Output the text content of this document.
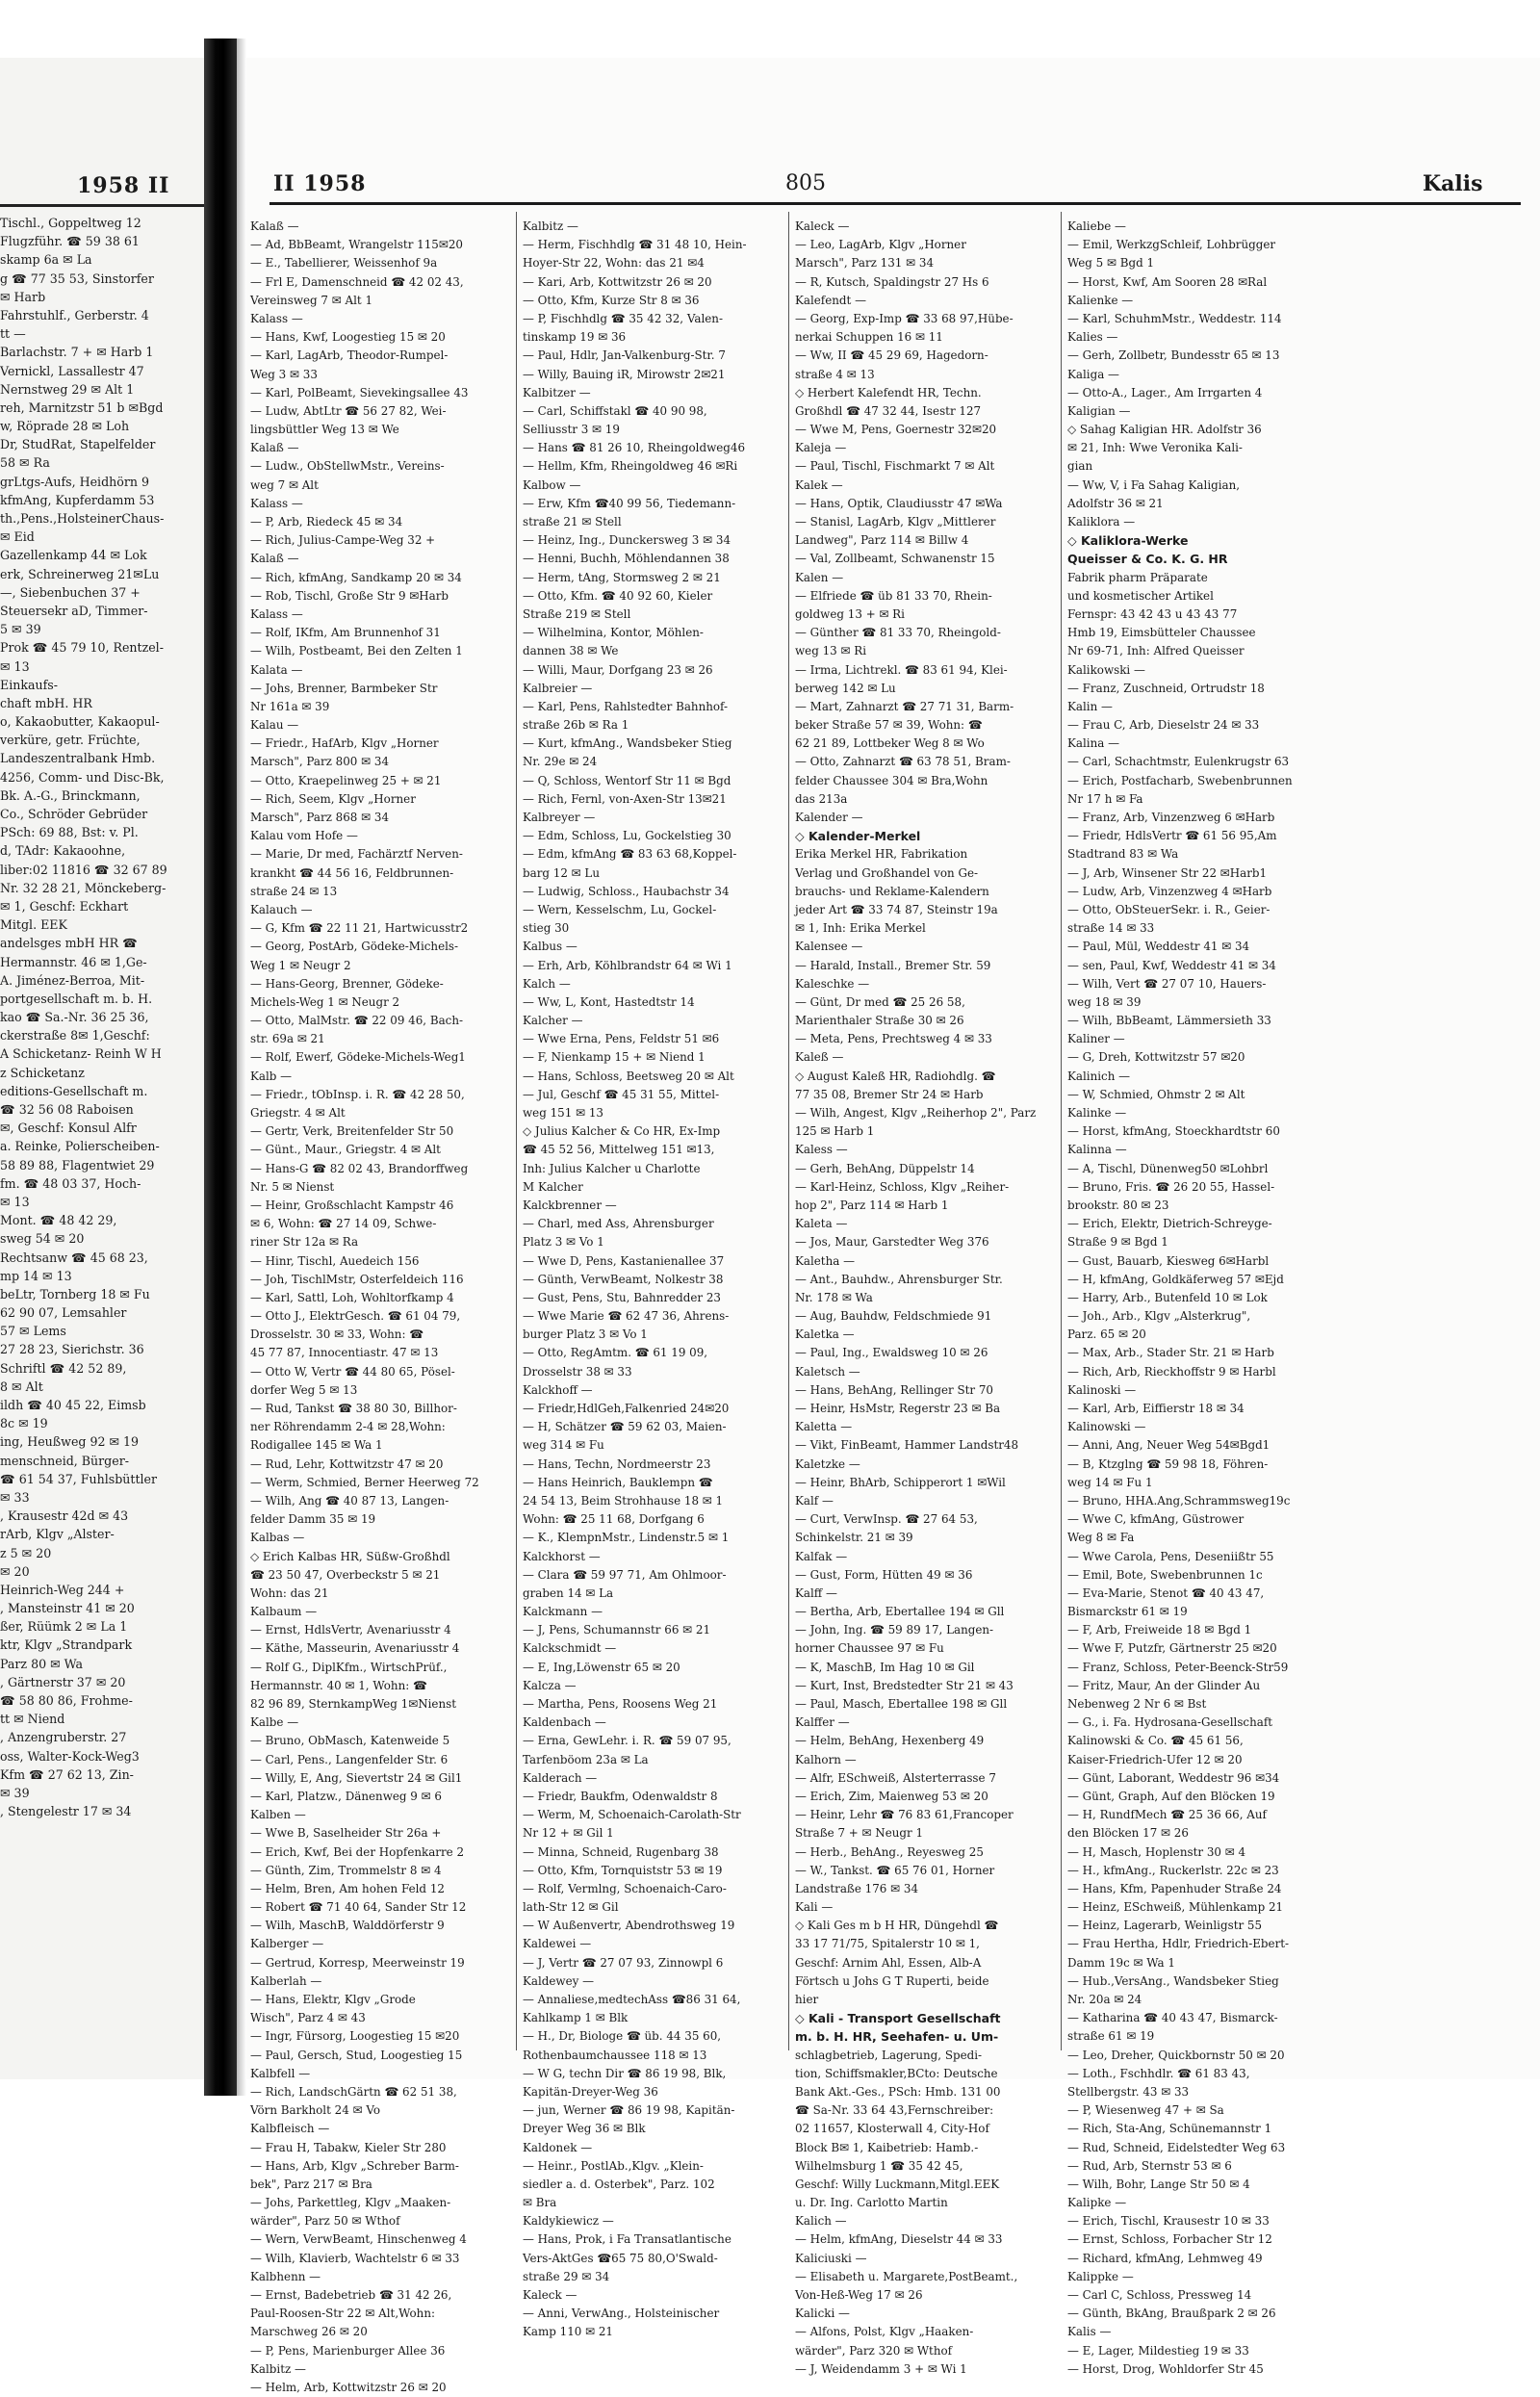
1958 II
Tischl., Goppeltweg 12
Flugzführ. ☎ 59 38 61
skamp 6a ✉ La
g ☎ 77 35 53, Sinstorfer
✉ Harb
Fahrstuhlf., Gerberstr. 4
tt —
Barlachstr. 7 + ✉ Harb 1
Vernickl, Lassallestr 47
Nernstweg 29 ✉ Alt 1
reh, Marnitzstr 51 b ✉Bgd
w, Röprade 28 ✉ Loh
Dr, StudRat, Stapelfelder
58 ✉ Ra
grLtgs-Aufs, Heidhörn 9
kfmAng, Kupferdamm 53
th.,Pens.,HolsteinerChaus-
✉ Eid
Gazellenkamp 44 ✉ Lok
erk, Schreinerweg 21✉Lu
—, Siebenbuchen 37 +
Steuersekr aD, Timmer-
5 ✉ 39
Prok ☎ 45 79 10, Rentzel-
✉ 13
Einkaufs-
chaft mbH. HR
o, Kakaobutter, Kakaopul-
verküre, getr. Früchte,
Landeszentralbank Hmb.
4256, Comm- und Disc-Bk,
Bk. A.-G., Brinckmann,
Co., Schröder Gebrüder
PSch: 69 88, Bst: v. Pl.
d, TAdr: Kakaoohne,
liber:02 11816 ☎ 32 67 89
Nr. 32 28 21, Mönckeberg-
✉ 1, Geschf: Eckhart
Mitgl. EEK
andelsges mbH HR ☎
Hermannstr. 46 ✉ 1,Ge-
A. Jiménez-Berroa, Mit-
portgesellschaft m. b. H.
kao ☎ Sa.-Nr. 36 25 36,
ckerstraße 8✉ 1,Geschf:
A Schicketanz- Reinh W H
z Schicketanz
editions-Gesellschaft m.
☎ 32 56 08 Raboisen
✉, Geschf: Konsul Alfr
a. Reinke, Polierscheiben-
58 89 88, Flagentwiet 29
fm. ☎ 48 03 37, Hoch-
✉ 13
Mont. ☎ 48 42 29,
sweg 54 ✉ 20
Rechtsanw ☎ 45 68 23,
mp 14 ✉ 13
beLtr, Tornberg 18 ✉ Fu
62 90 07, Lemsahler
57 ✉ Lems
27 28 23, Sierichstr. 36
Schriftl ☎ 42 52 89,
8 ✉ Alt
ildh ☎ 40 45 22, Eimsb
8c ✉ 19
ing, Heußweg 92 ✉ 19
menschneid, Bürger-
☎ 61 54 37, Fuhlsbüttler
✉ 33
, Krausestr 42d ✉ 43
rArb, Klgv „Alster-
z 5 ✉ 20
✉ 20
Heinrich-Weg 244 +
, Mansteinstr 41 ✉ 20
ßer, Rüümk 2 ✉ La 1
ktr, Klgv „Strandpark
Parz 80 ✉ Wa
, Gärtnerstr 37 ✉ 20
☎ 58 80 86, Frohme-
tt ✉ Niend
, Anzengruberstr. 27
oss, Walter-Kock-Weg3
Kfm ☎ 27 62 13, Zin-
✉ 39
, Stengelestr 17 ✉ 34
II 1958	805	Kalis
Kalaß —
— Ad, BbBeamt, Wrangelstr 115✉20
— E., Tabellierer, Weissenhof 9a
— Frl E, Damenschneid ☎ 42 02 43,
Vereinsweg 7 ✉ Alt 1
Kalass —
— Hans, Kwf, Loogestieg 15 ✉ 20
— Karl, LagArb, Theodor-Rumpel-
Weg 3 ✉ 33
— Karl, PolBeamt, Sievekingsallee 43
— Ludw, AbtLtr ☎ 56 27 82, Wei-
lingsbüttler Weg 13 ✉ We
Kalaß —
— Ludw., ObStellwMstr., Vereins-
weg 7 ✉ Alt
Kalass —
— P, Arb, Riedeck 45 ✉ 34
— Rich, Julius-Campe-Weg 32 +
Kalaß —
— Rich, kfmAng, Sandkamp 20 ✉ 34
— Rob, Tischl, Große Str 9 ✉Harb
Kalass —
— Rolf, IKfm, Am Brunnenhof 31
— Wilh, Postbeamt, Bei den Zelten 1
Kalata —
— Johs, Brenner, Barmbeker Str
Nr 161a ✉ 39
Kalau —
— Friedr., HafArb, Klgv „Horner
Marsch", Parz 800 ✉ 34
— Otto, Kraepelinweg 25 + ✉ 21
— Rich, Seem, Klgv „Horner
Marsch", Parz 868 ✉ 34
Kalau vom Hofe —
— Marie, Dr med, Fachärztf Nerven-
krankht ☎ 44 56 16, Feldbrunnen-
straße 24 ✉ 13
Kalauch —
— G, Kfm ☎ 22 11 21, Hartwicusstr2
— Georg, PostArb, Gödeke-Michels-
Weg 1 ✉ Neugr 2
— Hans-Georg, Brenner, Gödeke-
Michels-Weg 1 ✉ Neugr 2
— Otto, MalMstr. ☎ 22 09 46, Bach-
str. 69a ✉ 21
— Rolf, Ewerf, Gödeke-Michels-Weg1
Kalb —
— Friedr., tObInsp. i. R. ☎ 42 28 50,
Griegstr. 4 ✉ Alt
— Gertr, Verk, Breitenfelder Str 50
— Günt., Maur., Griegstr. 4 ✉ Alt
— Hans-G ☎ 82 02 43, Brandorffweg
Nr. 5 ✉ Nienst
— Heinr, Großschlacht Kampstr 46
✉ 6, Wohn: ☎ 27 14 09, Schwe-
riner Str 12a ✉ Ra
— Hinr, Tischl, Auedeich 156
— Joh, TischlMstr, Osterfeldeich 116
— Karl, Sattl, Loh, Wohltorfkamp 4
— Otto J., ElektrGesch. ☎ 61 04 79,
Drosselstr. 30 ✉ 33, Wohn: ☎
45 77 87, Innocentiastr. 47 ✉ 13
— Otto W, Vertr ☎ 44 80 65, Pösel-
dorfer Weg 5 ✉ 13
— Rud, Tankst ☎ 38 80 30, Billhor-
ner Röhrendamm 2-4 ✉ 28,Wohn:
Rodigallee 145 ✉ Wa 1
— Rud, Lehr, Kottwitzstr 47 ✉ 20
— Werm, Schmied, Berner Heerweg 72
— Wilh, Ang ☎ 40 87 13, Langen-
felder Damm 35 ✉ 19
Kalbas —
◇ Erich Kalbas HR, Süßw-Großhdl
☎ 23 50 47, Overbeckstr 5 ✉ 21
Wohn: das 21
Kalbaum —
— Ernst, HdlsVertr, Avenariusstr 4
— Käthe, Masseurin, Avenariusstr 4
— Rolf G., DiplKfm., WirtschPrüf.,
Hermannstr. 40 ✉ 1, Wohn: ☎
82 96 89, SternkampWeg 1✉Nienst
Kalbe —
— Bruno, ObMasch, Katenweide 5
— Carl, Pens., Langenfelder Str. 6
— Willy, E, Ang, Sievertstr 24 ✉ Gil1
— Karl, Platzw., Dänenweg 9 ✉ 6
Kalben —
— Wwe B, Saselheider Str 26a +
— Erich, Kwf, Bei der Hopfenkarre 2
— Günth, Zim, Trommelstr 8 ✉ 4
— Helm, Bren, Am hohen Feld 12
— Robert ☎ 71 40 64, Sander Str 12
— Wilh, MaschB, Walddörferstr 9
Kalberger —
— Gertrud, Korresp, Meerweinstr 19
Kalberlah —
— Hans, Elektr, Klgv „Grode
Wisch", Parz 4 ✉ 43
— Ingr, Fürsorg, Loogestieg 15 ✉20
— Paul, Gersch, Stud, Loogestieg 15
Kalbfell —
— Rich, LandschGärtn ☎ 62 51 38,
Vörn Barkholt 24 ✉ Vo
Kalbfleisch —
— Frau H, Tabakw, Kieler Str 280
— Hans, Arb, Klgv „Schreber Barm-
bek", Parz 217 ✉ Bra
— Johs, Parkettleg, Klgv „Maaken-
wärder", Parz 50 ✉ Wthof
— Wern, VerwBeamt, Hinschenweg 4
— Wilh, Klavierb, Wachtelstr 6 ✉ 33
Kalbhenn —
— Ernst, Badebetrieb ☎ 31 42 26,
Paul-Roosen-Str 22 ✉ Alt,Wohn:
Marschweg 26 ✉ 20
— P, Pens, Marienburger Allee 36
Kalbitz —
— Helm, Arb, Kottwitzstr 26 ✉ 20
Kalbitz —
— Herm, Fischhdlg ☎ 31 48 10, Hein-
Hoyer-Str 22, Wohn: das 21 ✉4
— Kari, Arb, Kottwitzstr 26 ✉ 20
— Otto, Kfm, Kurze Str 8 ✉ 36
— P, Fischhdlg ☎ 35 42 32, Valen-
tinskamp 19 ✉ 36
— Paul, Hdlr, Jan-Valkenburg-Str. 7
— Willy, Bauing iR, Mirowstr 2✉21
Kalbitzer —
— Carl, Schiffstakl ☎ 40 90 98,
Selliusstr 3 ✉ 19
— Hans ☎ 81 26 10, Rheingoldweg46
— Hellm, Kfm, Rheingoldweg 46 ✉Ri
Kalbow —
— Erw, Kfm ☎40 99 56, Tiedemann-
straße 21 ✉ Stell
— Heinz, Ing., Dunckersweg 3 ✉ 34
— Henni, Buchh, Möhlendannen 38
— Herm, tAng, Stormsweg 2 ✉ 21
— Otto, Kfm. ☎ 40 92 60, Kieler
Straße 219 ✉ Stell
— Wilhelmina, Kontor, Möhlen-
dannen 38 ✉ We
— Willi, Maur, Dorfgang 23 ✉ 26
Kalbreier —
— Karl, Pens, Rahlstedter Bahnhof-
straße 26b ✉ Ra 1
— Kurt, kfmAng., Wandsbeker Stieg
Nr. 29e ✉ 24
— Q, Schloss, Wentorf Str 11 ✉ Bgd
— Rich, Fernl, von-Axen-Str 13✉21
Kalbreyer —
— Edm, Schloss, Lu, Gockelstieg 30
— Edm, kfmAng ☎ 83 63 68,Koppel-
barg 12 ✉ Lu
— Ludwig, Schloss., Haubachstr 34
— Wern, Kesselschm, Lu, Gockel-
stieg 30
Kalbus —
— Erh, Arb, Köhlbrandstr 64 ✉ Wi 1
Kalch —
— Ww, L, Kont, Hastedtstr 14
Kalcher —
— Wwe Erna, Pens, Feldstr 51 ✉6
— F, Nienkamp 15 + ✉ Niend 1
— Hans, Schloss, Beetsweg 20 ✉ Alt
— Jul, Geschf ☎ 45 31 55, Mittel-
weg 151 ✉ 13
◇ Julius Kalcher & Co HR, Ex-Imp
☎ 45 52 56, Mittelweg 151 ✉13,
Inh: Julius Kalcher u Charlotte
M Kalcher
Kalckbrenner —
— Charl, med Ass, Ahrensburger
Platz 3 ✉ Vo 1
— Wwe D, Pens, Kastanienallee 37
— Günth, VerwBeamt, Nolkestr 38
— Gust, Pens, Stu, Bahnredder 23
— Wwe Marie ☎ 62 47 36, Ahrens-
burger Platz 3 ✉ Vo 1
— Otto, RegAmtm. ☎ 61 19 09,
Drosselstr 38 ✉ 33
Kalckhoff —
— Friedr,HdlGeh,Falkenried 24✉20
— H, Schätzer ☎ 59 62 03, Maien-
weg 314 ✉ Fu
— Hans, Techn, Nordmeerstr 23
— Hans Heinrich, Bauklempn ☎
24 54 13, Beim Strohhause 18 ✉ 1
Wohn: ☎ 25 11 68, Dorfgang 6
— K., KlempnMstr., Lindenstr.5 ✉ 1
Kalckhorst —
— Clara ☎ 59 97 71, Am Ohlmoor-
graben 14 ✉ La
Kalckmann —
— J, Pens, Schumannstr 66 ✉ 21
Kalckschmidt —
— E, Ing,Löwenstr 65 ✉ 20
Kalcza —
— Martha, Pens, Roosens Weg 21
Kaldenbach —
— Erna, GewLehr. i. R. ☎ 59 07 95,
Tarfenböom 23a ✉ La
Kalderach —
— Friedr, Baukfm, Odenwaldstr 8
— Werm, M, Schoenaich-Carolath-Str
Nr 12 + ✉ Gil 1
— Minna, Schneid, Rugenbarg 38
— Otto, Kfm, Tornquiststr 53 ✉ 19
— Rolf, Vermlng, Schoenaich-Caro-
lath-Str 12 ✉ Gil
— W Außenvertr, Abendrothsweg 19
Kaldewei —
— J, Vertr ☎ 27 07 93, Zinnowpl 6
Kaldewey —
— Annaliese,medtechAss ☎86 31 64,
Kahlkamp 1 ✉ Blk
— H., Dr, Biologe ☎ üb. 44 35 60,
Rothenbaumchaussee 118 ✉ 13
— W G, techn Dir ☎ 86 19 98, Blk,
Kapitän-Dreyer-Weg 36
— jun, Werner ☎ 86 19 98, Kapitän-
Dreyer Weg 36 ✉ Blk
Kaldonek —
— Heinr., PostlAb.,Klgv. „Klein-
siedler a. d. Osterbek", Parz. 102
✉ Bra
Kaldykiewicz —
— Hans, Prok, i Fa Transatlantische
Vers-AktGes ☎65 75 80,O'Swald-
straße 29 ✉ 34
Kaleck —
— Anni, VerwAng., Holsteinischer
Kamp 110 ✉ 21
Kaleck —
— Leo, LagArb, Klgv „Horner
Marsch", Parz 131 ✉ 34
— R, Kutsch, Spaldingstr 27 Hs 6
Kalefendt —
— Georg, Exp-Imp ☎ 33 68 97,Hübe-
nerkai Schuppen 16 ✉ 11
— Ww, II ☎ 45 29 69, Hagedorn-
straße 4 ✉ 13
◇ Herbert Kalefendt HR, Techn.
Großhdl ☎ 47 32 44, Isestr 127
— Wwe M, Pens, Goernestr 32✉20
Kaleja —
— Paul, Tischl, Fischmarkt 7 ✉ Alt
Kalek —
— Hans, Optik, Claudiusstr 47 ✉Wa
— Stanisl, LagArb, Klgv „Mittlerer
Landweg", Parz 114 ✉ Billw 4
— Val, Zollbeamt, Schwanenstr 15
Kalen —
— Elfriede ☎ üb 81 33 70, Rhein-
goldweg 13 + ✉ Ri
— Günther ☎ 81 33 70, Rheingold-
weg 13 ✉ Ri
— Irma, Lichtrekl. ☎ 83 61 94, Klei-
berweg 142 ✉ Lu
— Mart, Zahnarzt ☎ 27 71 31, Barm-
beker Straße 57 ✉ 39, Wohn: ☎
62 21 89, Lottbeker Weg 8 ✉ Wo
— Otto, Zahnarzt ☎ 63 78 51, Bram-
felder Chaussee 304 ✉ Bra,Wohn
das 213a
Kalender —
◇ Kalender-Merkel
Erika Merkel HR, Fabrikation
Verlag und Großhandel von Ge-
brauchs- und Reklame-Kalendern
jeder Art ☎ 33 74 87, Steinstr 19a
✉ 1, Inh: Erika Merkel
Kalensee —
— Harald, Install., Bremer Str. 59
Kaleschke —
— Günt, Dr med ☎ 25 26 58,
Marienthaler Straße 30 ✉ 26
— Meta, Pens, Prechtsweg 4 ✉ 33
Kaleß —
◇ August Kaleß HR, Radiohdlg. ☎
77 35 08, Bremer Str 24 ✉ Harb
— Wilh, Angest, Klgv „Reiherhop 2", Parz
125 ✉ Harb 1
Kaless —
— Gerh, BehAng, Düppelstr 14
— Karl-Heinz, Schloss, Klgv „Reiher-
hop 2", Parz 114 ✉ Harb 1
Kaleta —
— Jos, Maur, Garstedter Weg 376
Kaletha —
— Ant., Bauhdw., Ahrensburger Str.
Nr. 178 ✉ Wa
— Aug, Bauhdw, Feldschmiede 91
Kaletka —
— Paul, Ing., Ewaldsweg 10 ✉ 26
Kaletsch —
— Hans, BehAng, Rellinger Str 70
— Heinr, HsMstr, Regerstr 23 ✉ Ba
Kaletta —
— Vikt, FinBeamt, Hammer Landstr48
Kaletzke —
— Heinr, BhArb, Schipperort 1 ✉Wil
Kalf —
— Curt, VerwInsp. ☎ 27 64 53,
Schinkelstr. 21 ✉ 39
Kalfak —
— Gust, Form, Hütten 49 ✉ 36
Kalff —
— Bertha, Arb, Ebertallee 194 ✉ Gll
— John, Ing. ☎ 59 89 17, Langen-
horner Chaussee 97 ✉ Fu
— K, MaschB, Im Hag 10 ✉ Gil
— Kurt, Inst, Bredstedter Str 21 ✉ 43
— Paul, Masch, Ebertallee 198 ✉ Gll
Kalffer —
— Helm, BehAng, Hexenberg 49
Kalhorn —
— Alfr, ESchweiß, Alsterterrasse 7
— Erich, Zim, Maienweg 53 ✉ 20
— Heinr, Lehr ☎ 76 83 61,Francoper
Straße 7 + ✉ Neugr 1
— Herb., BehAng., Reyesweg 25
— W., Tankst. ☎ 65 76 01, Horner
Landstraße 176 ✉ 34
Kali —
◇ Kali Ges m b H HR, Düngehdl ☎
33 17 71/75, Spitalerstr 10 ✉ 1,
Geschf: Arnim Ahl, Essen, Alb-A
Förtsch u Johs G T Ruperti, beide
hier
◇ Kali - Transport Gesellschaft
m. b. H. HR, Seehafen- u. Um-
schlagbetrieb, Lagerung, Spedi-
tion, Schiffsmakler,BCto: Deutsche
Bank Akt.-Ges., PSch: Hmb. 131 00
☎ Sa-Nr. 33 64 43,Fernschreiber:
02 11657, Klosterwall 4, City-Hof
Block B✉ 1, Kaibetrieb: Hamb.-
Wilhelmsburg 1 ☎ 35 42 45,
Geschf: Willy Luckmann,Mitgl.EEK
u. Dr. Ing. Carlotto Martin
Kalich —
— Helm, kfmAng, Dieselstr 44 ✉ 33
Kaliciuski —
— Elisabeth u. Margarete,PostBeamt.,
Von-Heß-Weg 17 ✉ 26
Kalicki —
— Alfons, Polst, Klgv „Haaken-
wärder", Parz 320 ✉ Wthof
— J, Weidendamm 3 + ✉ Wi 1
Kaliebe —
— Emil, WerkzgSchleif, Lohbrügger
Weg 5 ✉ Bgd 1
— Horst, Kwf, Am Sooren 28 ✉Ral
Kalienke —
— Karl, SchuhmMstr., Weddestr. 114
Kalies —
— Gerh, Zollbetr, Bundesstr 65 ✉ 13
Kaliga —
— Otto-A., Lager., Am Irrgarten 4
Kaligian —
◇ Sahag Kaligian HR. Adolfstr 36
✉ 21, Inh: Wwe Veronika Kali-
gian
— Ww, V, i Fa Sahag Kaligian,
Adolfstr 36 ✉ 21
Kaliklora —
◇ Kaliklora-Werke
Queisser & Co. K. G. HR
Fabrik pharm Präparate
und kosmetischer Artikel
Fernspr: 43 42 43 u 43 43 77
Hmb 19, Eimsbütteler Chaussee
Nr 69-71, Inh: Alfred Queisser
Kalikowski —
— Franz, Zuschneid, Ortrudstr 18
Kalin —
— Frau C, Arb, Dieselstr 24 ✉ 33
Kalina —
— Carl, Schachtmstr, Eulenkrugstr 63
— Erich, Postfacharb, Swebenbrunnen
Nr 17 h ✉ Fa
— Franz, Arb, Vinzenzweg 6 ✉Harb
— Friedr, HdlsVertr ☎ 61 56 95,Am
Stadtrand 83 ✉ Wa
— J, Arb, Winsener Str 22 ✉Harb1
— Ludw, Arb, Vinzenzweg 4 ✉Harb
— Otto, ObSteuerSekr. i. R., Geier-
straße 14 ✉ 33
— Paul, Mül, Weddestr 41 ✉ 34
— sen, Paul, Kwf, Weddestr 41 ✉ 34
— Wilh, Vert ☎ 27 07 10, Hauers-
weg 18 ✉ 39
— Wilh, BbBeamt, Lämmersieth 33
Kaliner —
— G, Dreh, Kottwitzstr 57 ✉20
Kalinich —
— W, Schmied, Ohmstr 2 ✉ Alt
Kalinke —
— Horst, kfmAng, Stoeckhardtstr 60
Kalinna —
— A, Tischl, Dünenweg50 ✉Lohbrl
— Bruno, Fris. ☎ 26 20 55, Hassel-
brookstr. 80 ✉ 23
— Erich, Elektr, Dietrich-Schreyge-
Straße 9 ✉ Bgd 1
— Gust, Bauarb, Kiesweg 6✉Harbl
— H, kfmAng, Goldkäferweg 57 ✉Ejd
— Harry, Arb., Butenfeld 10 ✉ Lok
— Joh., Arb., Klgv „Alsterkrug",
Parz. 65 ✉ 20
— Max, Arb., Stader Str. 21 ✉ Harb
— Rich, Arb, Rieckhoffstr 9 ✉ Harbl
Kalinoski —
— Karl, Arb, Eiffierstr 18 ✉ 34
Kalinowski —
— Anni, Ang, Neuer Weg 54✉Bgd1
— B, Ktzglng ☎ 59 98 18, Föhren-
weg 14 ✉ Fu 1
— Bruno, HHA.Ang,Schrammsweg19c
— Wwe C, kfmAng, Güstrower
Weg 8 ✉ Fa
— Wwe Carola, Pens, Deseniißtr 55
— Emil, Bote, Swebenbrunnen 1c
— Eva-Marie, Stenot ☎ 40 43 47,
Bismarckstr 61 ✉ 19
— F, Arb, Freiweide 18 ✉ Bgd 1
— Wwe F, Putzfr, Gärtnerstr 25 ✉20
— Franz, Schloss, Peter-Beenck-Str59
— Fritz, Maur, An der Glinder Au
Nebenweg 2 Nr 6 ✉ Bst
— G., i. Fa. Hydrosana-Gesellschaft
Kalinowski & Co. ☎ 45 61 56,
Kaiser-Friedrich-Ufer 12 ✉ 20
— Günt, Laborant, Weddestr 96 ✉34
— Günt, Graph, Auf den Blöcken 19
— H, RundfMech ☎ 25 36 66, Auf
den Blöcken 17 ✉ 26
— H, Masch, Hoplenstr 30 ✉ 4
— H., kfmAng., Ruckerlstr. 22c ✉ 23
— Hans, Kfm, Papenhuder Straße 24
— Heinz, ESchweiß, Mühlenkamp 21
— Heinz, Lagerarb, Weinligstr 55
— Frau Hertha, Hdlr, Friedrich-Ebert-
Damm 19c ✉ Wa 1
— Hub.,VersAng., Wandsbeker Stieg
Nr. 20a ✉ 24
— Katharina ☎ 40 43 47, Bismarck-
straße 61 ✉ 19
— Leo, Dreher, Quickbornstr 50 ✉ 20
— Loth., Fschhdlr. ☎ 61 83 43,
Stellbergstr. 43 ✉ 33
— P, Wiesenweg 47 + ✉ Sa
— Rich, Sta-Ang, Schünemannstr 1
— Rud, Schneid, Eidelstedter Weg 63
— Rud, Arb, Sternstr 53 ✉ 6
— Wilh, Bohr, Lange Str 50 ✉ 4
Kalipke —
— Erich, Tischl, Krausestr 10 ✉ 33
— Ernst, Schloss, Forbacher Str 12
— Richard, kfmAng, Lehmweg 49
Kalippke —
— Carl C, Schloss, Pressweg 14
— Günth, BkAng, Braußpark 2 ✉ 26
Kalis —
— E, Lager, Mildestieg 19 ✉ 33
— Horst, Drog, Wohldorfer Str 45
